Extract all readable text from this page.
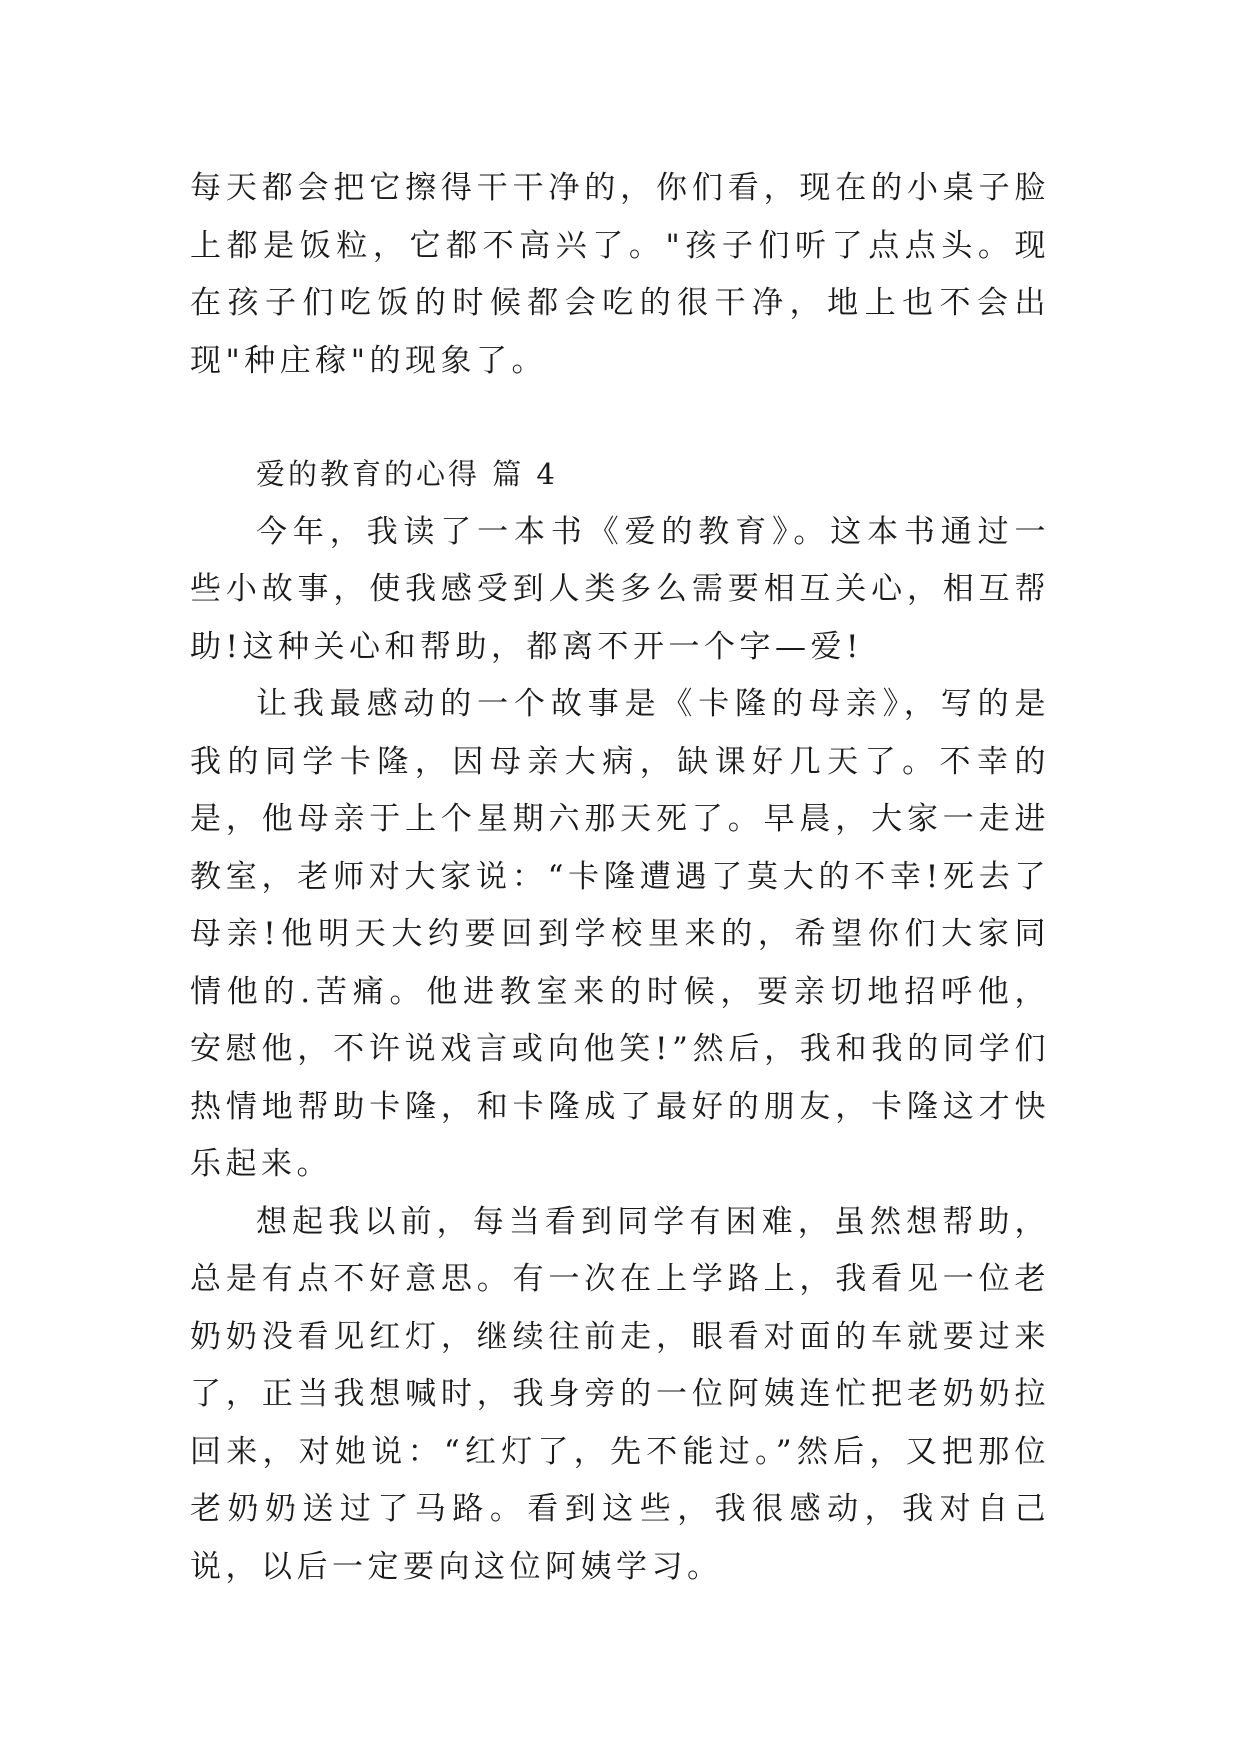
每天都会把它擦得干干净的，你们看，现在的小桌子脸上都是饭粒，它都不高兴了。"孩子们听了点点头。现在孩子们吃饭的时候都会吃的很干净，地上也不会出现"种庄稼"的现象了。

爱的教育的心得 篇 4

今年，我读了一本书《爱的教育》。这本书通过一些小故事，使我感受到人类多么需要相互关心，相互帮助!这种关心和帮助，都离不开一个字—爱!

让我最感动的一个故事是《卡隆的母亲》，写的是我的同学卡隆，因母亲大病，缺课好几天了。不幸的是，他母亲于上个星期六那天死了。早晨，大家一走进教室，老师对大家说：“卡隆遭遇了莫大的不幸!死去了母亲!他明天大约要回到学校里来的，希望你们大家同情他的.苦痛。他进教室来的时候，要亲切地招呼他，安慰他，不许说戏言或向他笑!”然后，我和我的同学们热情地帮助卡隆，和卡隆成了最好的朋友，卡隆这才快乐起来。

想起我以前，每当看到同学有困难，虽然想帮助，总是有点不好意思。有一次在上学路上，我看见一位老奶奶没看见红灯，继续往前走，眼看对面的车就要过来了，正当我想喊时，我身旁的一位阿姨连忙把老奶奶拉回来，对她说：“红灯了，先不能过。”然后，又把那位老奶奶送过了马路。看到这些，我很感动，我对自己说，以后一定要向这位阿姨学习。
